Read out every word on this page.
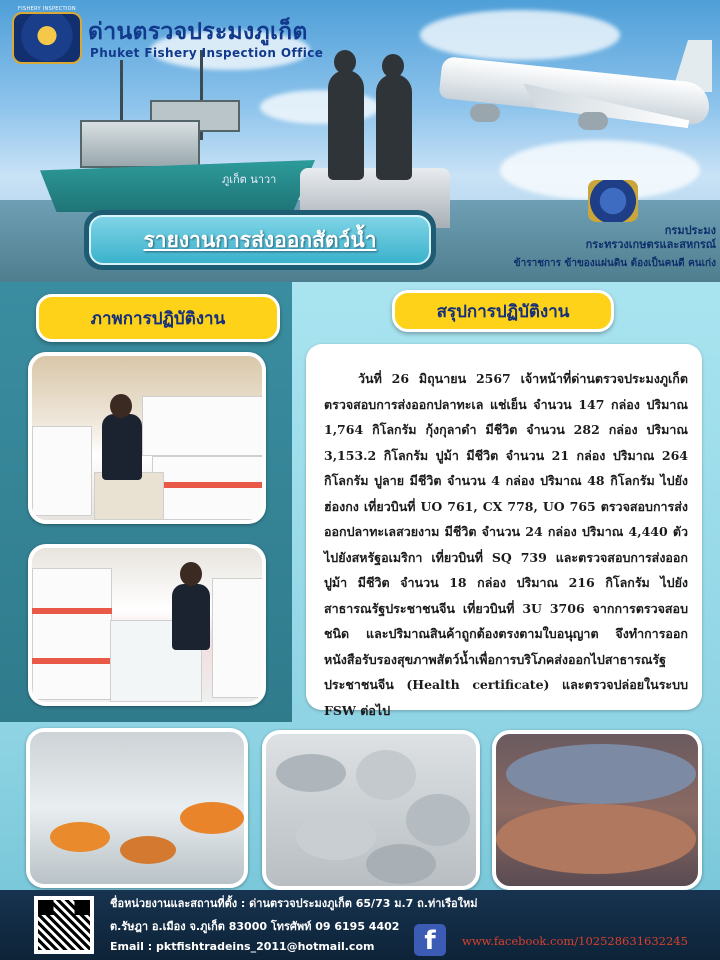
ภูเก็ต นาวา
FISHERY INSPECTION
ด่านตรวจประมงภูเก็ต
Phuket Fishery Inspection Office
รายงานการส่งออกสัตว์น้ำ	กรมประมง
กระทรวงเกษตรและสหกรณ์
ข้าราชการ ข้าของแผ่นดิน ต้องเป็นคนดี คนเก่ง
ภาพการปฏิบัติงาน	สรุปการปฏิบัติงาน

วันที่ 26 มิถุนายน 2567 เจ้าหน้าที่ด่านตรวจประมงภูเก็ต ตรวจสอบการส่งออกปลาทะเล แช่เย็น จำนวน 147 กล่อง ปริมาณ 1,764 กิโลกรัม กุ้งกุลาดำ มีชีวิต จำนวน 282 กล่อง ปริมาณ 3,153.2 กิโลกรัม ปูม้า มีชีวิต จำนวน 21 กล่อง ปริมาณ 264 กิโลกรัม ปูลาย มีชีวิต จำนวน 4 กล่อง ปริมาณ 48 กิโลกรัม ไปยังฮ่องกง เที่ยวบินที่ UO 761, CX 778, UO 765 ตรวจสอบการส่งออกปลาทะเลสวยงาม มีชีวิต จำนวน 24 กล่อง ปริมาณ 4,440 ตัว ไปยังสหรัฐอเมริกา เที่ยวบินที่ SQ 739 และตรวจสอบการส่งออกปูม้า มีชีวิต จำนวน 18 กล่อง ปริมาณ 216 กิโลกรัม ไปยังสาธารณรัฐประชาชนจีน เที่ยวบินที่ 3U 3706 จากการตรวจสอบชนิด และปริมาณสินค้าถูกต้องตรงตามใบอนุญาต จึงทำการออกหนังสือรับรองสุขภาพสัตว์น้ำเพื่อการบริโภคส่งออกไปสาธารณรัฐประชาชนจีน (Health certificate) และตรวจปล่อยในระบบ FSW ต่อไป

ชื่อหน่วยงานและสถานที่ตั้ง : ด่านตรวจประมงภูเก็ต 65/73 ม.7 ถ.ท่าเรือใหม่
ต.รัษฎา อ.เมือง จ.ภูเก็ต 83000 โทรศัพท์ 09 6195 4402
Email : pktfishtradeins_2011@hotmail.com	f	www.facebook.com/102528631632245
